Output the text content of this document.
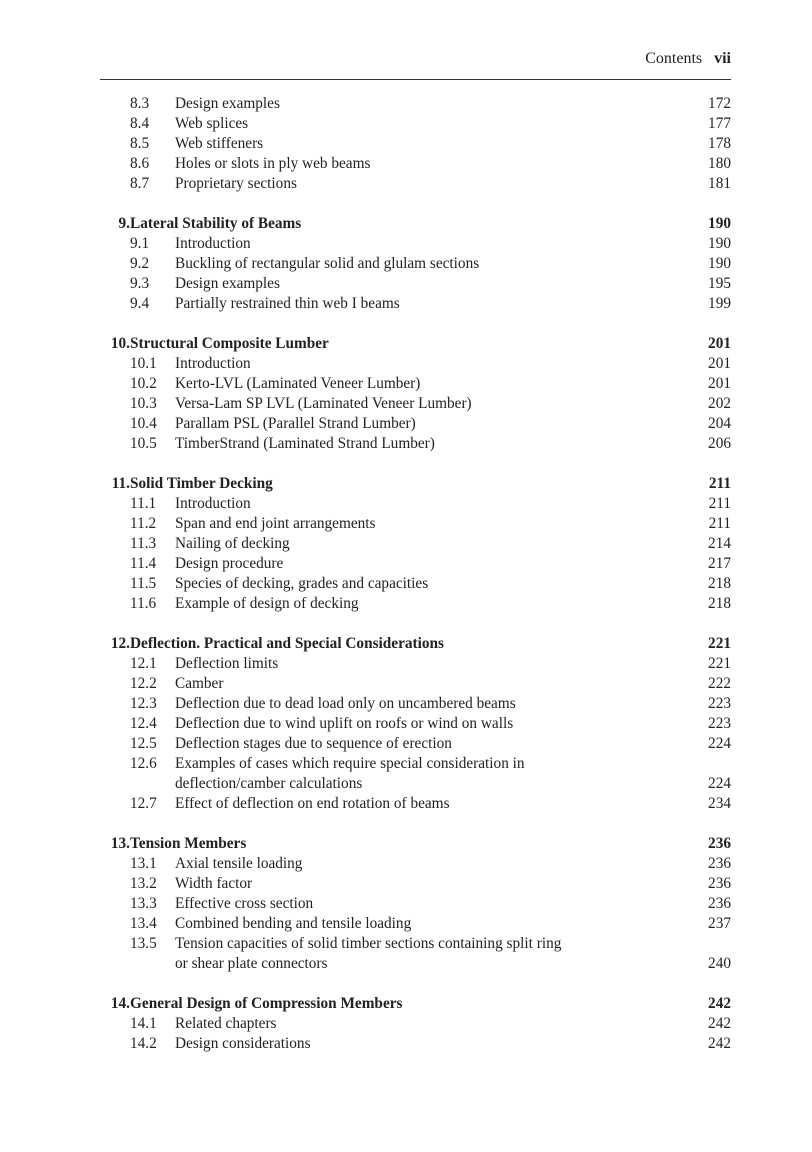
Contents vii
8.3	Design examples	172
8.4	Web splices	177
8.5	Web stiffeners	178
8.6	Holes or slots in ply web beams	180
8.7	Proprietary sections	181
9. Lateral Stability of Beams	190
9.1	Introduction	190
9.2	Buckling of rectangular solid and glulam sections	190
9.3	Design examples	195
9.4	Partially restrained thin web I beams	199
10. Structural Composite Lumber	201
10.1	Introduction	201
10.2	Kerto-LVL (Laminated Veneer Lumber)	201
10.3	Versa-Lam SP LVL (Laminated Veneer Lumber)	202
10.4	Parallam PSL (Parallel Strand Lumber)	204
10.5	TimberStrand (Laminated Strand Lumber)	206
11. Solid Timber Decking	211
11.1	Introduction	211
11.2	Span and end joint arrangements	211
11.3	Nailing of decking	214
11.4	Design procedure	217
11.5	Species of decking, grades and capacities	218
11.6	Example of design of decking	218
12. Deflection. Practical and Special Considerations	221
12.1	Deflection limits	221
12.2	Camber	222
12.3	Deflection due to dead load only on uncambered beams	223
12.4	Deflection due to wind uplift on roofs or wind on walls	223
12.5	Deflection stages due to sequence of erection	224
12.6	Examples of cases which require special consideration in
deflection/camber calculations	224
12.7	Effect of deflection on end rotation of beams	234
13. Tension Members	236
13.1	Axial tensile loading	236
13.2	Width factor	236
13.3	Effective cross section	236
13.4	Combined bending and tensile loading	237
13.5	Tension capacities of solid timber sections containing split ring
or shear plate connectors	240
14. General Design of Compression Members	242
14.1	Related chapters	242
14.2	Design considerations	242
